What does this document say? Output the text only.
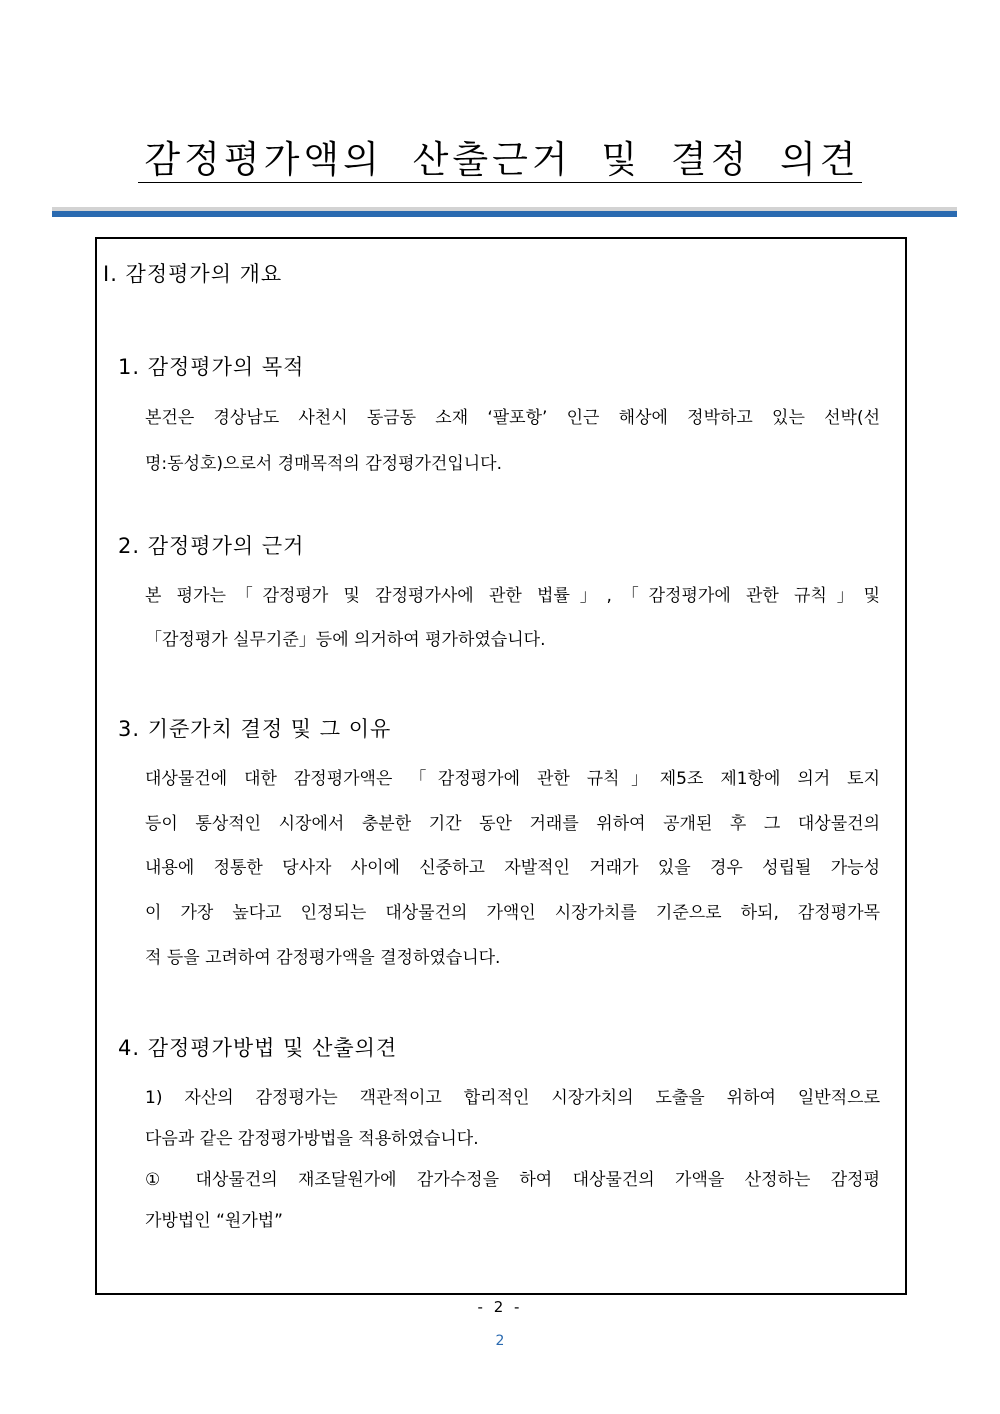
감정평가액의 산출근거 및 결정 의견
Ⅰ. 감정평가의 개요
1. 감정평가의 목적
본건은 경상남도 사천시 동금동 소재 ‘팔포항’ 인근 해상에 정박하고 있는 선박(선
명:동성호)으로서 경매목적의 감정평가건입니다.
2. 감정평가의 근거
본 평가는「감정평가 및 감정평가사에 관한 법률」,「감정평가에 관한 규칙」및
「감정평가 실무기준」등에 의거하여 평가하였습니다.
3. 기준가치 결정 및 그 이유
대상물건에 대한 감정평가액은 「감정평가에 관한 규칙」제5조 제1항에 의거 토지
등이 통상적인 시장에서 충분한 기간 동안 거래를 위하여 공개된 후 그 대상물건의
내용에 정통한 당사자 사이에 신중하고 자발적인 거래가 있을 경우 성립될 가능성
이 가장 높다고 인정되는 대상물건의 가액인 시장가치를 기준으로 하되, 감정평가목
적 등을 고려하여 감정평가액을 결정하였습니다.
4. 감정평가방법 및 산출의견
1) 자산의 감정평가는 객관적이고 합리적인 시장가치의 도출을 위하여 일반적으로
다음과 같은 감정평가방법을 적용하였습니다.
① 대상물건의 재조달원가에 감가수정을 하여 대상물건의 가액을 산정하는 감정평
가방법인 “원가법”
- 2 -
2
